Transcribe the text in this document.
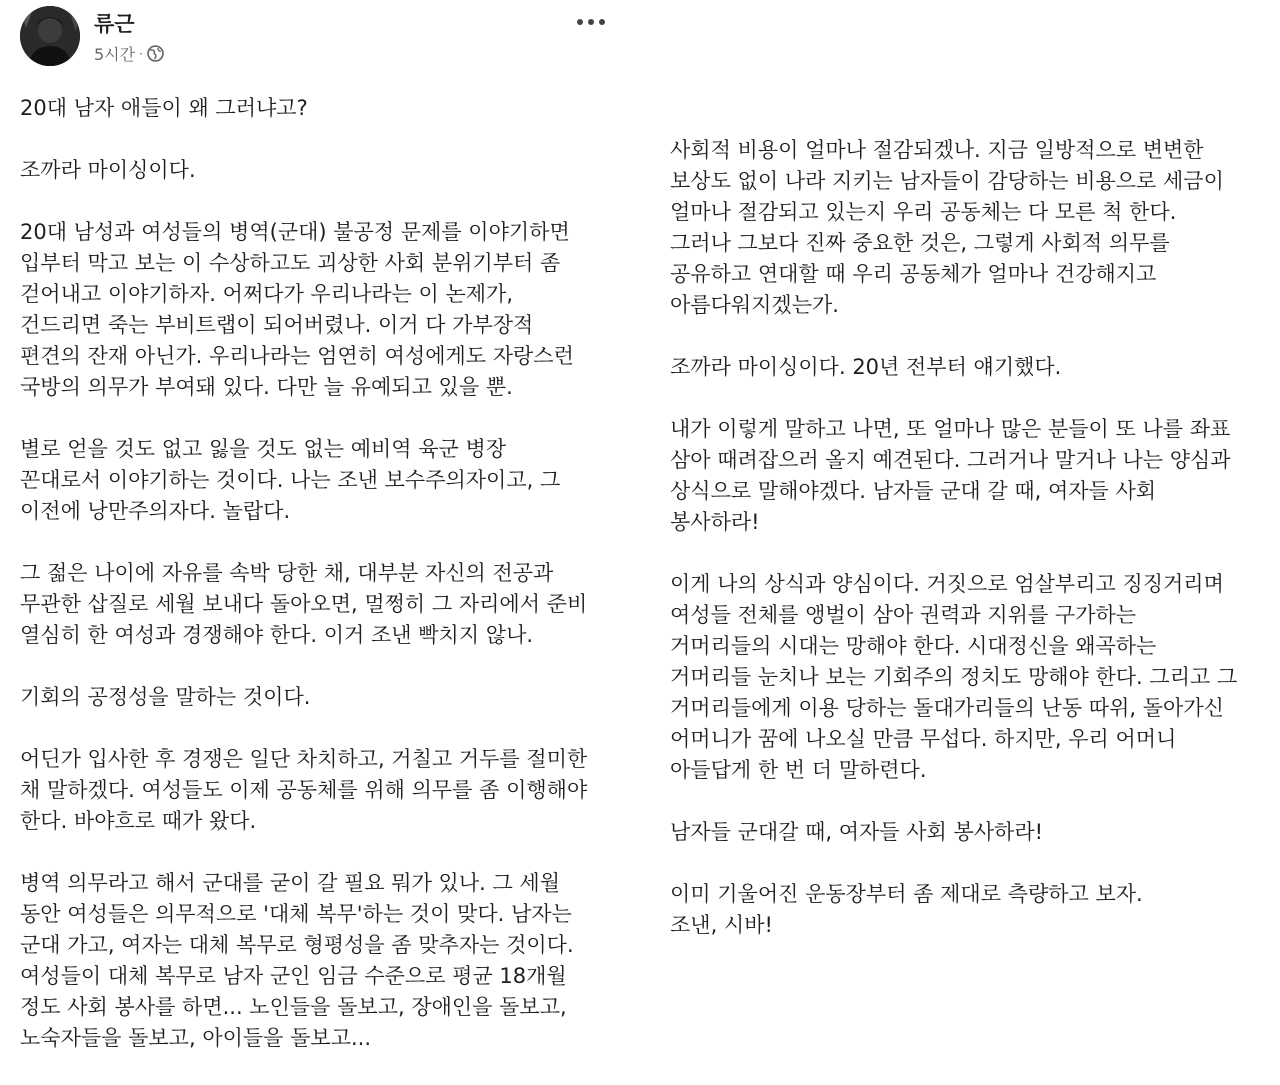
류근
5시간 ·
20대 남자 애들이 왜 그러냐고?
조까라 마이싱이다.
20대 남성과 여성들의 병역(군대) 불공정 문제를 이야기하면
입부터 막고 보는 이 수상하고도 괴상한 사회 분위기부터 좀
걷어내고 이야기하자. 어쩌다가 우리나라는 이 논제가,
건드리면 죽는 부비트랩이 되어버렸나. 이거 다 가부장적
편견의 잔재 아닌가. 우리나라는 엄연히 여성에게도 자랑스런
국방의 의무가 부여돼 있다. 다만 늘 유예되고 있을 뿐.
별로 얻을 것도 없고 잃을 것도 없는 예비역 육군 병장
꼰대로서 이야기하는 것이다. 나는 조낸 보수주의자이고, 그
이전에 낭만주의자다. 놀랍다.
그 젊은 나이에 자유를 속박 당한 채, 대부분 자신의 전공과
무관한 삽질로 세월 보내다 돌아오면, 멀쩡히 그 자리에서 준비
열심히 한 여성과 경쟁해야 한다. 이거 조낸 빡치지 않나.
기회의 공정성을 말하는 것이다.
어딘가 입사한 후 경쟁은 일단 차치하고, 거칠고 거두를 절미한
채 말하겠다. 여성들도 이제 공동체를 위해 의무를 좀 이행해야
한다. 바야흐로 때가 왔다.
병역 의무라고 해서 군대를 굳이 갈 필요 뭐가 있나. 그 세월
동안 여성들은 의무적으로 '대체 복무'하는 것이 맞다. 남자는
군대 가고, 여자는 대체 복무로 형평성을 좀 맞추자는 것이다.
여성들이 대체 복무로 남자 군인 임금 수준으로 평균 18개월
정도 사회 봉사를 하면... 노인들을 돌보고, 장애인을 돌보고,
노숙자들을 돌보고, 아이들을 돌보고...
사회적 비용이 얼마나 절감되겠나. 지금 일방적으로 변변한
보상도 없이 나라 지키는 남자들이 감당하는 비용으로 세금이
얼마나 절감되고 있는지 우리 공동체는 다 모른 척 한다.
그러나 그보다 진짜 중요한 것은, 그렇게 사회적 의무를
공유하고 연대할 때 우리 공동체가 얼마나 건강해지고
아름다워지겠는가.
조까라 마이싱이다. 20년 전부터 얘기했다.
내가 이렇게 말하고 나면, 또 얼마나 많은 분들이 또 나를 좌표
삼아 때려잡으러 올지 예견된다. 그러거나 말거나 나는 양심과
상식으로 말해야겠다. 남자들 군대 갈 때, 여자들 사회
봉사하라!
이게 나의 상식과 양심이다. 거짓으로 엄살부리고 징징거리며
여성들 전체를 앵벌이 삼아 권력과 지위를 구가하는
거머리들의 시대는 망해야 한다. 시대정신을 왜곡하는
거머리들 눈치나 보는 기회주의 정치도 망해야 한다. 그리고 그
거머리들에게 이용 당하는 돌대가리들의 난동 따위, 돌아가신
어머니가 꿈에 나오실 만큼 무섭다. 하지만, 우리 어머니
아들답게 한 번 더 말하련다.
남자들 군대갈 때, 여자들 사회 봉사하라!
이미 기울어진 운동장부터 좀 제대로 측량하고 보자.
조낸, 시바!
